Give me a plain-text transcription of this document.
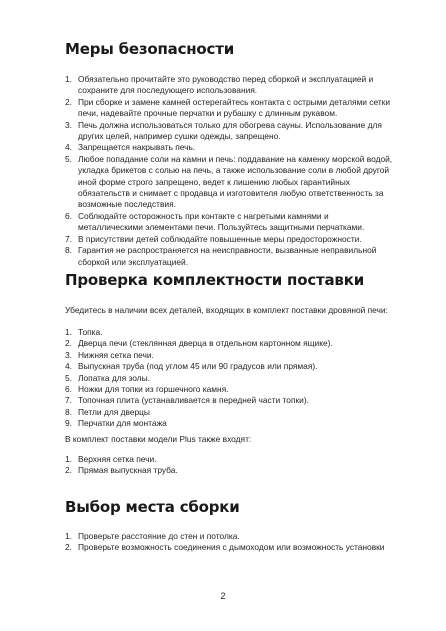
Меры безопасности
1. Обязательно прочитайте это руководство перед сборкой и эксплуатацией и сохраните для последующего использования.
2. При сборке и замене камней остерегайтесь контакта с острыми деталями сетки печи, надевайте прочные перчатки и рубашку с длинным рукавом.
3. Печь должна использоваться только для обогрева сауны. Использование для других целей, например сушки одежды, запрещено.
4. Запрещается накрывать печь.
5. Любое попадание соли на камни и печь: поддавание на каменку морской водой, укладка брикетов с солью на печь, а также использование соли в любой другой иной форме строго запрещено, ведет к лишению любых гарантийных обязательств и снимает с продавца и изготовителя любую ответственность за возможные последствия.
6. Соблюдайте осторожность при контакте с нагретыми камнями и металлическими элементами печи. Пользуйтесь защитными перчатками.
7. В присутствии детей соблюдайте повышенные меры предосторожности.
8. Гарантия не распространяется на неисправности, вызванные неправильной сборкой или эксплуатацией.
Проверка комплектности поставки

Убедитесь в наличии всех деталей, входящих в комплект поставки дровяной печи:

1. Топка.
2. Дверца печи (стеклянная дверца в отдельном картонном ящике).
3. Нижняя сетка печи.
4. Выпускная труба (под углом 45 или 90 градусов или прямая).
5. Лопатка для золы.
6. Ножки для топки из горшечного камня.
7. Топочная плита (устанавливается в передней части топки).
8. Петли для дверцы
9. Перчатки для монтажа

В комплект поставки модели Plus также входят:

1. Верхняя сетка печи.
2. Прямая выпускная труба.
Выбор места сборки
1. Проверьте расстояние до стен и потолка.
2. Проверьте возможность соединения с дымоходом или возможность установки
2
